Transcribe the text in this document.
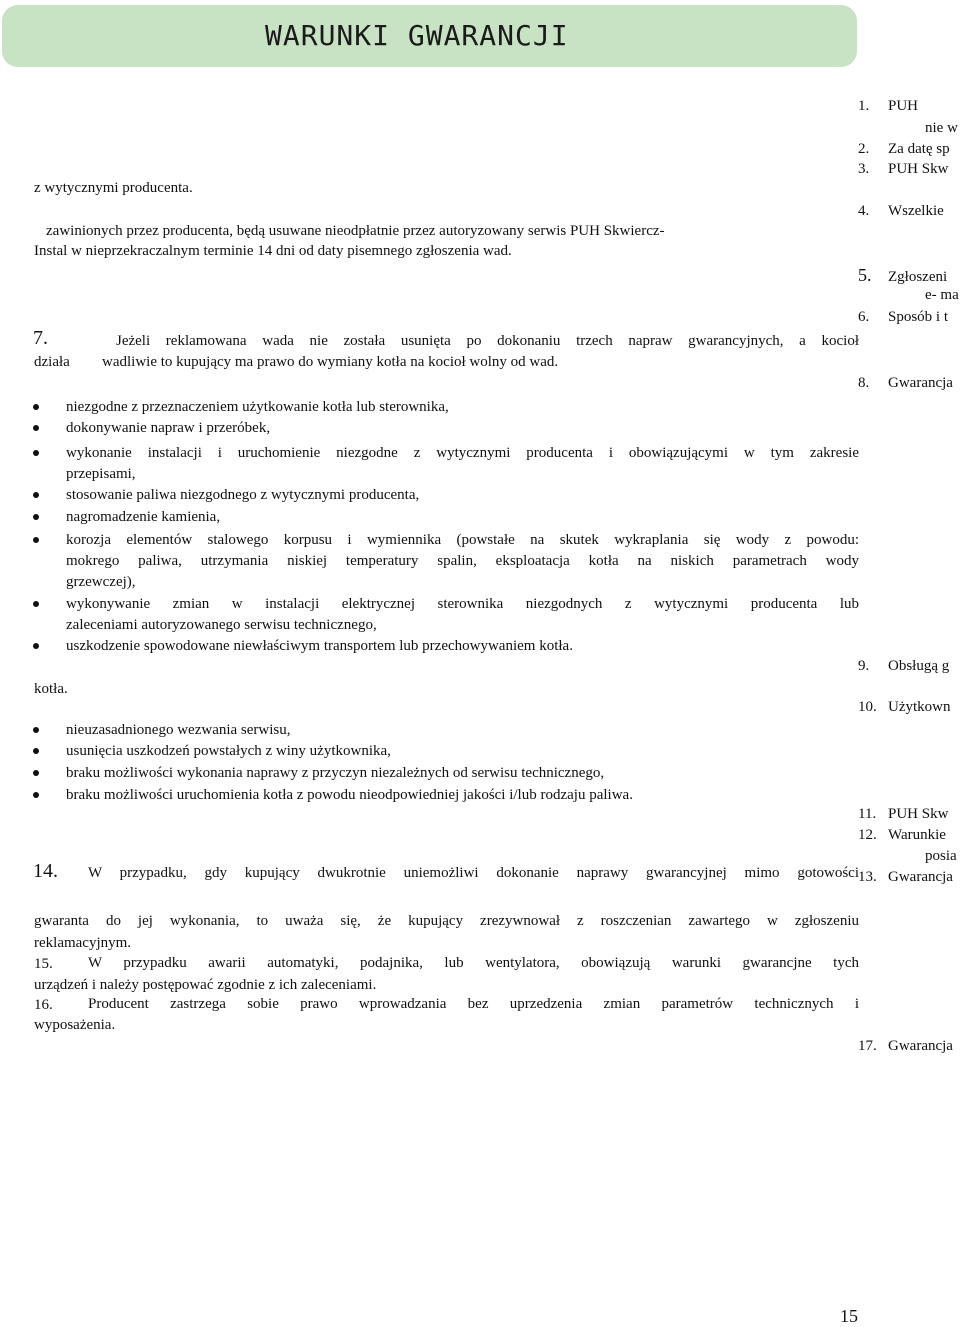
WARUNKI GWARANCJI
z wytycznymi producenta.
zawinionych przez producenta, będą usuwane nieodpłatnie przez autoryzowany serwis PUH Skwiercz-
Instal w nieprzekraczalnym terminie 14 dni od daty pisemnego zgłoszenia wad.
7.	Jeżeli reklamowana wada nie została usunięta po dokonaniu trzech napraw gwarancyjnych, a kocioł
działa wadliwie to kupujący ma prawo do wymiany kotła na kocioł wolny od wad.
niezgodne z przeznaczeniem użytkowanie kotła lub sterownika,
dokonywanie napraw i przeróbek,
wykonanie instalacji i uruchomienie niezgodne z wytycznymi producenta i obowiązującymi w tym zakresie
przepisami,
stosowanie paliwa niezgodnego z wytycznymi producenta,
nagromadzenie kamienia,
korozja elementów stalowego korpusu i wymiennika (powstałe na skutek wykraplania się wody z powodu:
mokrego paliwa, utrzymania niskiej temperatury spalin, eksploatacja kotła na niskich parametrach wody
grzewczej),
wykonywanie zmian w instalacji elektrycznej sterownika niezgodnych z wytycznymi producenta lub
zaleceniami autoryzowanego serwisu technicznego,
uszkodzenie spowodowane niewłaściwym transportem lub przechowywaniem kotła.
kotła.
nieuzasadnionego wezwania serwisu,
usunięcia uszkodzeń powstałych z winy użytkownika,
braku możliwości wykonania naprawy z przyczyn niezależnych od serwisu technicznego,
braku możliwości uruchomienia kotła z powodu nieodpowiedniej jakości i/lub rodzaju paliwa.
14. W przypadku, gdy kupujący dwukrotnie uniemożliwi dokonanie naprawy gwarancyjnej mimo gotowości
gwaranta do jej wykonania, to uważa się, że kupujący zrezywnował z roszczenian zawartego w zgłoszeniu
reklamacyjnym.
15. W przypadku awarii automatyki, podajnika, lub wentylatora, obowiązują warunki gwarancjne tych
urządzeń i należy postępować zgodnie z ich zaleceniami.
16. Producent zastrzega sobie prawo wprowadzania bez uprzedzenia zmian parametrów technicznych i
wyposażenia.
1. PUH
nie w
2. Za datę sp
3. PUH Skw
4. Wszelkie
5. Zgłoszeni
e- ma
6. Sposób i t
8. Gwarancja
9. Obsługą g
10. Użytkown
11. PUH Skw
12. Warunkie
posia
13. Gwarancja
17. Gwarancja
15
